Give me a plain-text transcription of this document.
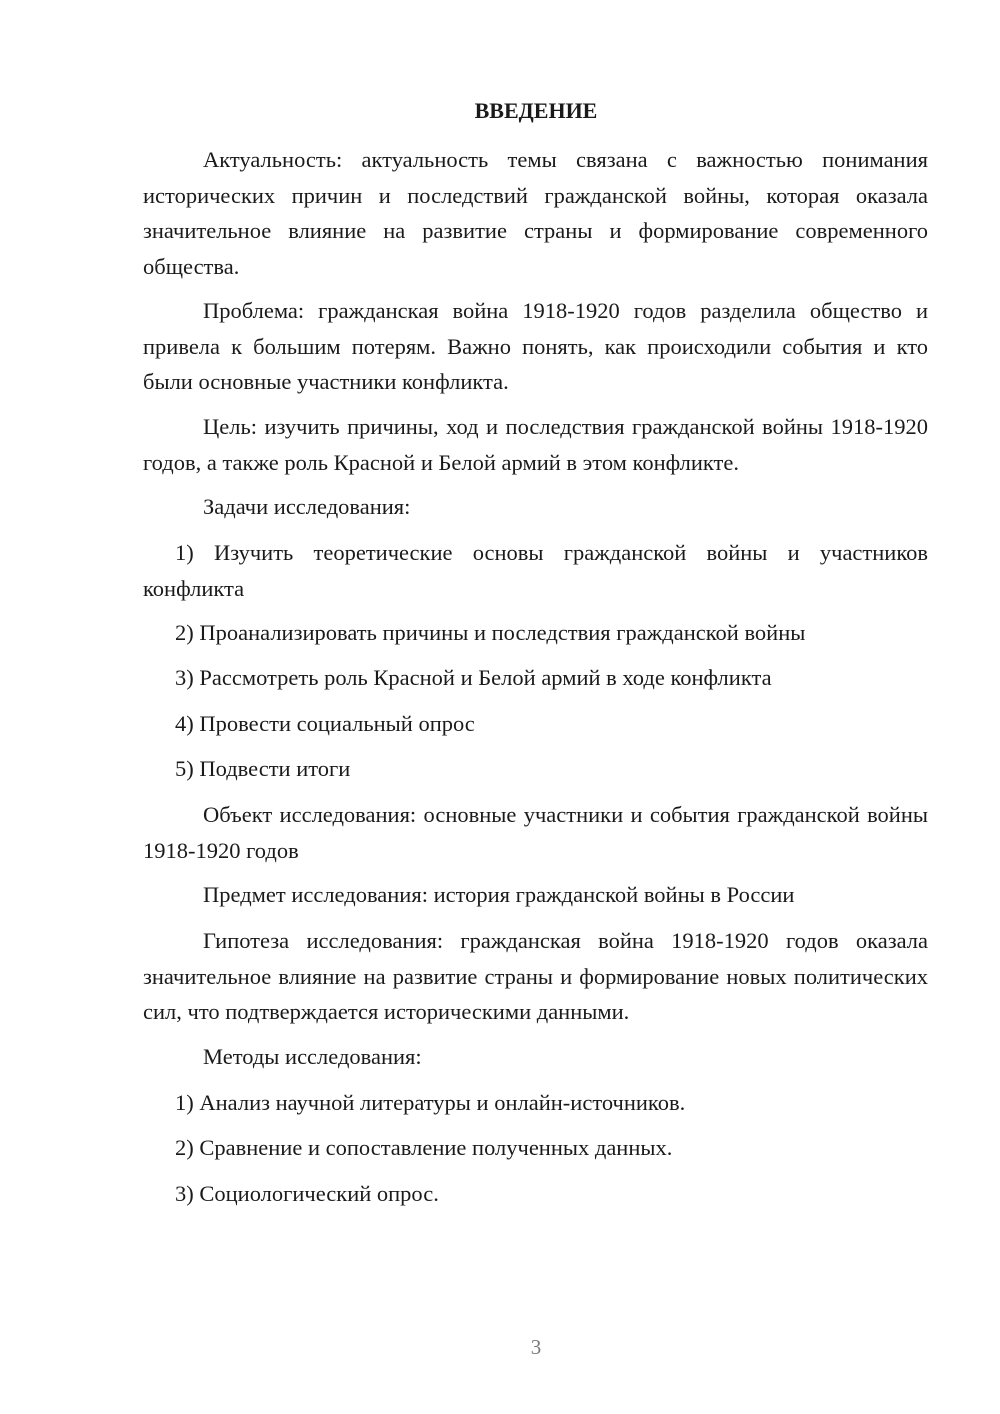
ВВЕДЕНИЕ

Актуальность: актуальность темы связана с важностью понимания исторических причин и последствий гражданской войны, которая оказала значительное влияние на развитие страны и формирование современного общества.

Проблема: гражданская война 1918-1920 годов разделила общество и привела к большим потерям. Важно понять, как происходили события и кто были основные участники конфликта.

Цель: изучить причины, ход и последствия гражданской войны 1918-1920 годов, а также роль Красной и Белой армий в этом конфликте.

Задачи исследования:

1) Изучить теоретические основы гражданской войны и участников конфликта

2) Проанализировать причины и последствия гражданской войны

3) Рассмотреть роль Красной и Белой армий в ходе конфликта

4) Провести социальный опрос

5) Подвести итоги

Объект исследования: основные участники и события гражданской войны 1918-1920 годов

Предмет исследования: история гражданской войны в России

Гипотеза исследования: гражданская война 1918-1920 годов оказала значительное влияние на развитие страны и формирование новых политических сил, что подтверждается историческими данными.

Методы исследования:

1) Анализ научной литературы и онлайн-источников.

2) Сравнение и сопоставление полученных данных.

3) Социологический опрос.

3
